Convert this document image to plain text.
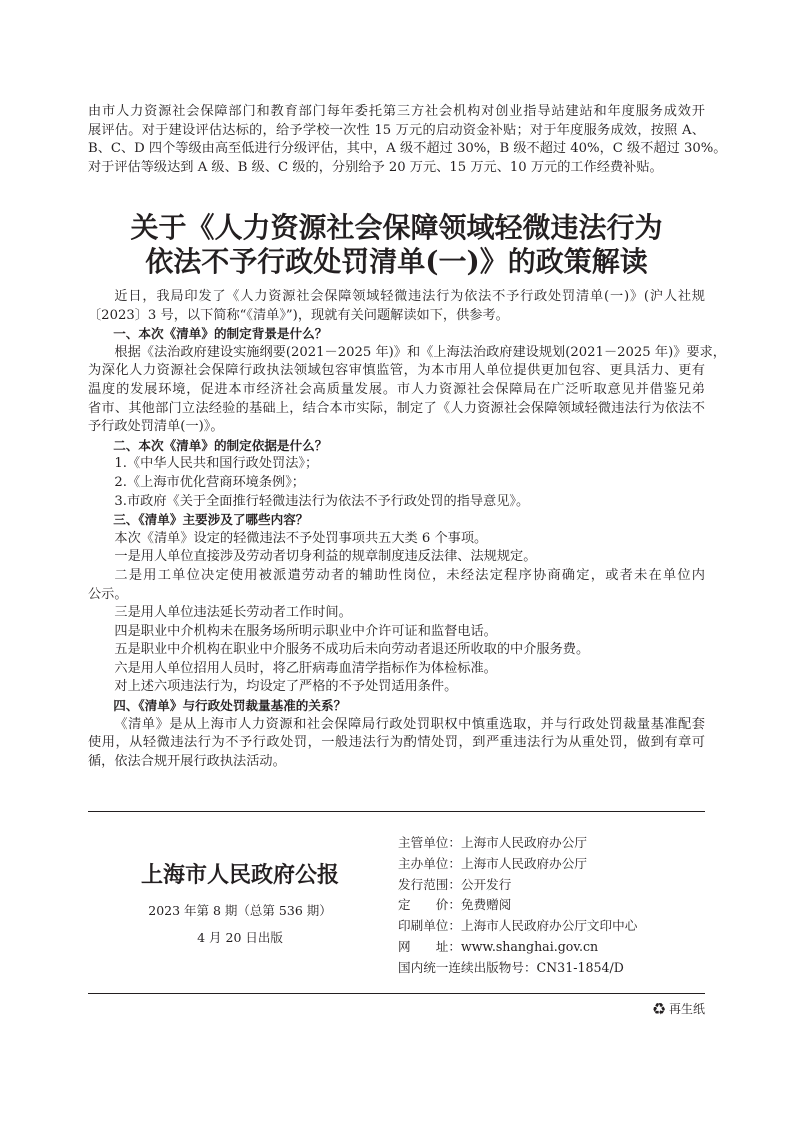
由市人力资源社会保障部门和教育部门每年委托第三方社会机构对创业指导站建站和年度服务成效开
展评估。对于建设评估达标的，给予学校一次性 15 万元的启动资金补贴；对于年度服务成效，按照 A、
B、C、D 四个等级由高至低进行分级评估，其中，A 级不超过 30%，B 级不超过 40%，C 级不超过 30%。
对于评估等级达到 A 级、B 级、C 级的，分别给予 20 万元、15 万元、10 万元的工作经费补贴。
关于《人力资源社会保障领域轻微违法行为
依法不予行政处罚清单(一)》的政策解读
近日，我局印发了《人力资源社会保障领域轻微违法行为依法不予行政处罚清单(一)》(沪人社规
〔2023〕3 号，以下简称“《清单》”)，现就有关问题解读如下，供参考。
一、本次《清单》的制定背景是什么？
根据《法治政府建设实施纲要(2021－2025 年)》和《上海法治政府建设规划(2021－2025 年)》要求，
为深化人力资源社会保障行政执法领域包容审慎监管，为本市用人单位提供更加包容、更具活力、更有
温度的发展环境，促进本市经济社会高质量发展。市人力资源社会保障局在广泛听取意见并借鉴兄弟
省市、其他部门立法经验的基础上，结合本市实际，制定了《人力资源社会保障领域轻微违法行为依法不
予行政处罚清单(一)》。
二、本次《清单》的制定依据是什么？
1.《中华人民共和国行政处罚法》；
2.《上海市优化营商环境条例》；
3.市政府《关于全面推行轻微违法行为依法不予行政处罚的指导意见》。
三、《清单》主要涉及了哪些内容？
本次《清单》设定的轻微违法不予处罚事项共五大类 6 个事项。
一是用人单位直接涉及劳动者切身利益的规章制度违反法律、法规规定。
二是用工单位决定使用被派遣劳动者的辅助性岗位，未经法定程序协商确定，或者未在单位内
公示。
三是用人单位违法延长劳动者工作时间。
四是职业中介机构未在服务场所明示职业中介许可证和监督电话。
五是职业中介机构在职业中介服务不成功后未向劳动者退还所收取的中介服务费。
六是用人单位招用人员时，将乙肝病毒血清学指标作为体检标准。
对上述六项违法行为，均设定了严格的不予处罚适用条件。
四、《清单》与行政处罚裁量基准的关系？
《清单》是从上海市人力资源和社会保障局行政处罚职权中慎重选取，并与行政处罚裁量基准配套
使用，从轻微违法行为不予行政处罚，一般违法行为酌情处罚，到严重违法行为从重处罚，做到有章可
循，依法合规开展行政执法活动。
上海市人民政府公报
2023 年第 8 期（总第 536 期）
4 月 20 日出版
主管单位：上海市人民政府办公厅
主办单位：上海市人民政府办公厅
发行范围：公开发行
定　　价：免费赠阅
印刷单位：上海市人民政府办公厅文印中心
网　　址：www.shanghai.gov.cn
国内统一连续出版物号：CN31-1854/D
♻ 再生纸
